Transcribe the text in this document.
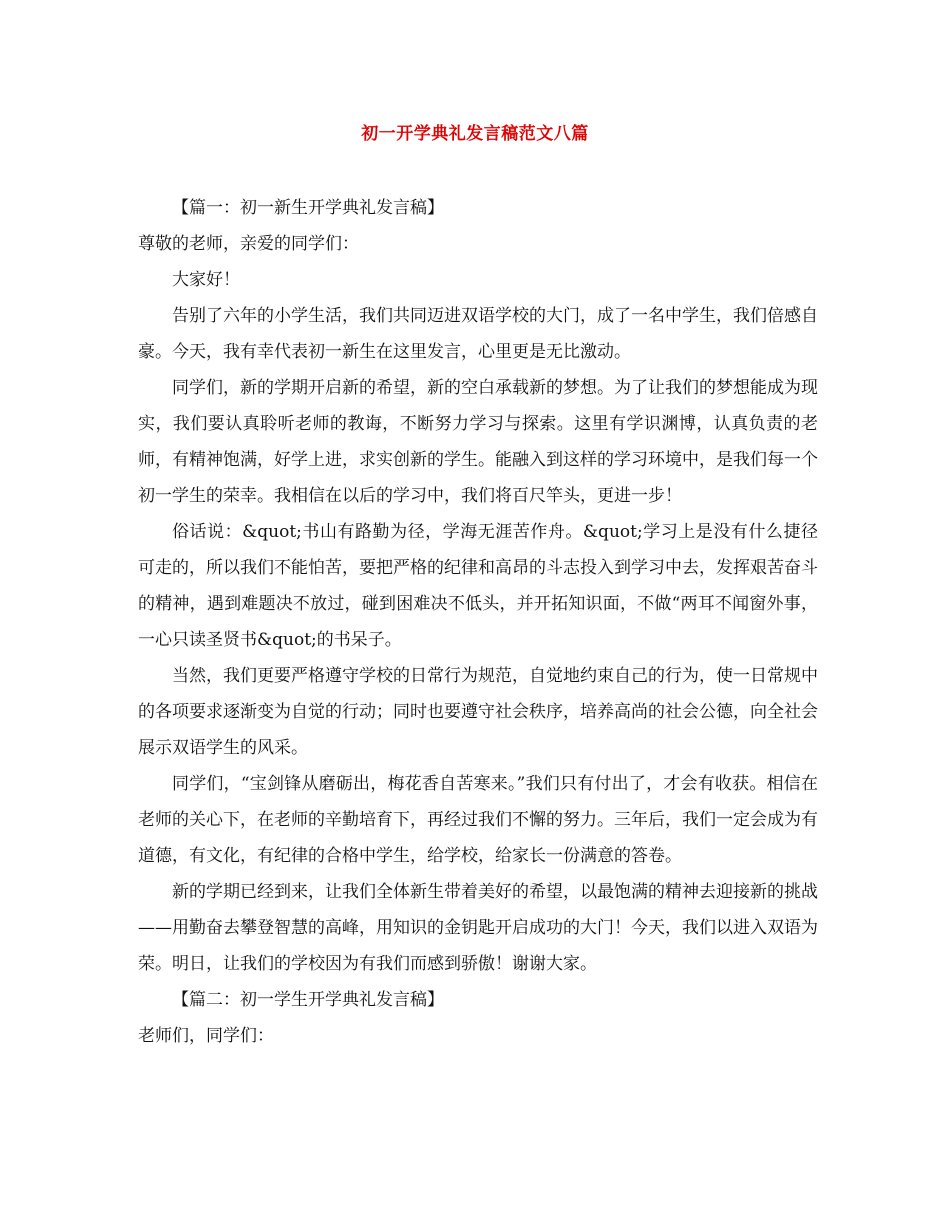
初一开学典礼发言稿范文八篇

【篇一：初一新生开学典礼发言稿】

尊敬的老师，亲爱的同学们：

大家好！

告别了六年的小学生活，我们共同迈进双语学校的大门，成了一名中学生，我们倍感自豪。今天，我有幸代表初一新生在这里发言，心里更是无比激动。

同学们，新的学期开启新的希望，新的空白承载新的梦想。为了让我们的梦想能成为现实，我们要认真聆听老师的教诲，不断努力学习与探索。这里有学识渊博，认真负责的老师，有精神饱满，好学上进，求实创新的学生。能融入到这样的学习环境中，是我们每一个初一学生的荣幸。我相信在以后的学习中，我们将百尺竿头，更进一步！

俗话说：&quot;书山有路勤为径，学海无涯苦作舟。&quot;学习上是没有什么捷径可走的，所以我们不能怕苦，要把严格的纪律和高昂的斗志投入到学习中去，发挥艰苦奋斗的精神，遇到难题决不放过，碰到困难决不低头，并开拓知识面，不做“两耳不闻窗外事，一心只读圣贤书&quot;的书呆子。

当然，我们更要严格遵守学校的日常行为规范，自觉地约束自己的行为，使一日常规中的各项要求逐渐变为自觉的行动；同时也要遵守社会秩序，培养高尚的社会公德，向全社会展示双语学生的风采。

同学们，“宝剑锋从磨砺出，梅花香自苦寒来。”我们只有付出了，才会有收获。相信在老师的关心下，在老师的辛勤培育下，再经过我们不懈的努力。三年后，我们一定会成为有道德，有文化，有纪律的合格中学生，给学校，给家长一份满意的答卷。

新的学期已经到来，让我们全体新生带着美好的希望，以最饱满的精神去迎接新的挑战——用勤奋去攀登智慧的高峰，用知识的金钥匙开启成功的大门！今天，我们以进入双语为荣。明日，让我们的学校因为有我们而感到骄傲！谢谢大家。

【篇二：初一学生开学典礼发言稿】

老师们，同学们：
